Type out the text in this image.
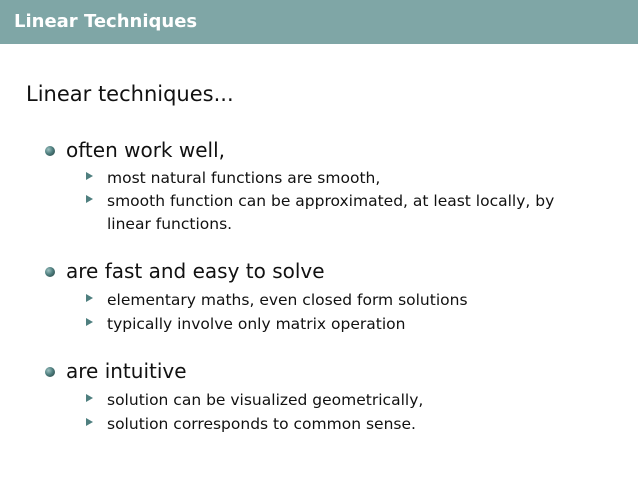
Linear Techniques
Linear techniques...
often work well,
most natural functions are smooth,
smooth function can be approximated, at least locally, by linear functions.
are fast and easy to solve
elementary maths, even closed form solutions
typically involve only matrix operation
are intuitive
solution can be visualized geometrically,
solution corresponds to common sense.
